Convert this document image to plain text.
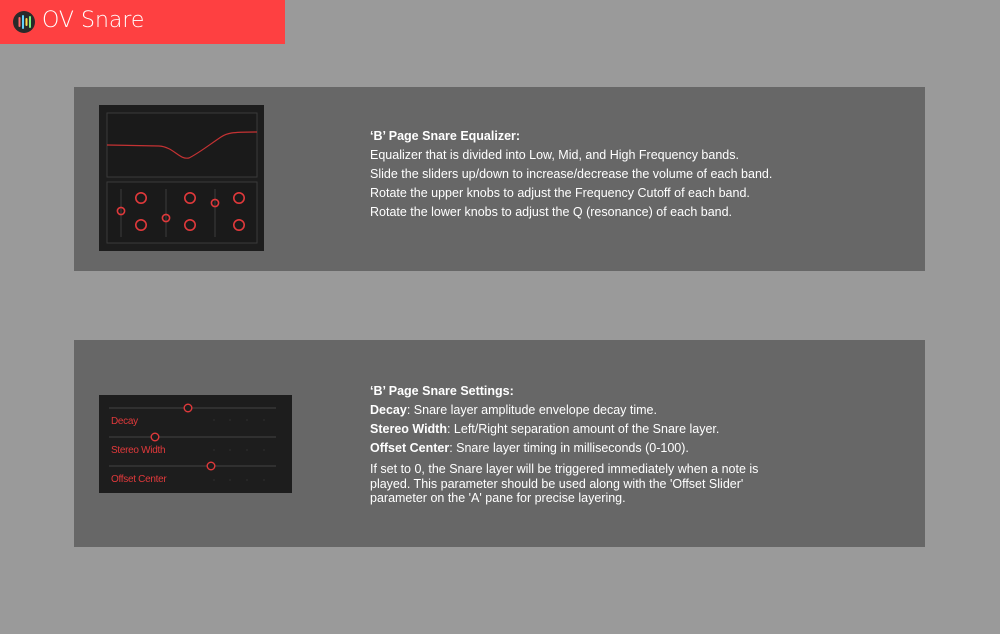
OV Snare

‘B’ Page Snare Equalizer:

Equalizer that is divided into Low, Mid, and High Frequency bands.

Slide the sliders up/down to increase/decrease the volume of each band.

Rotate the upper knobs to adjust the Frequency Cutoff of each band.

Rotate the lower knobs to adjust the Q (resonance) of each band.

Decay
Stereo Width
Offset Center

‘B’ Page Snare Settings:

Decay: Snare layer amplitude envelope decay time.

Stereo Width: Left/Right separation amount of the Snare layer.

Offset Center: Snare layer timing in milliseconds (0-100).

If set to 0, the Snare layer will be triggered immediately when a note is played. This parameter should be used along with the 'Offset Slider' parameter on the 'A' pane for precise layering.
